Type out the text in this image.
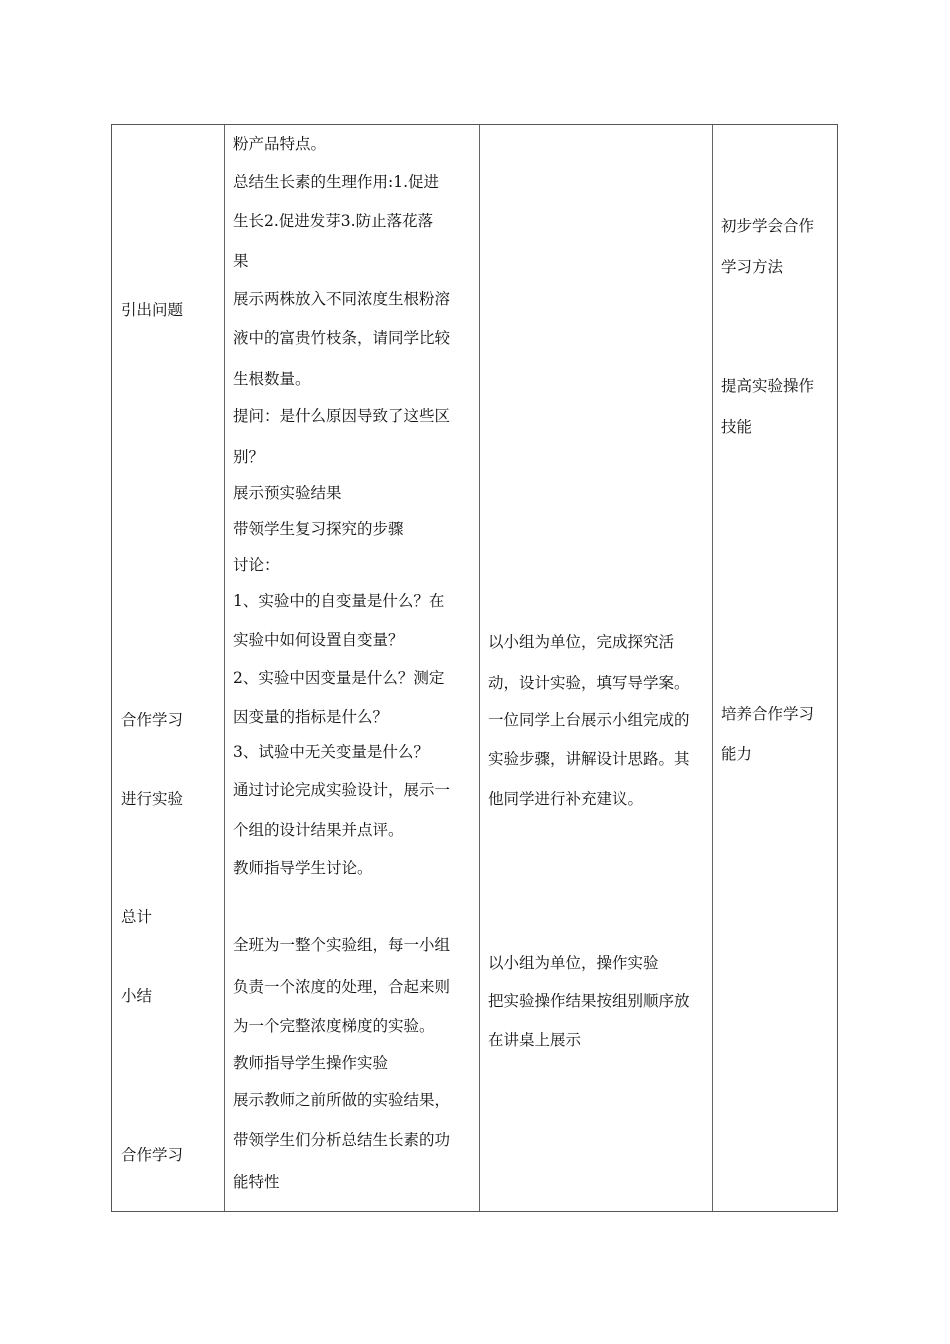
引出问题
合作学习
进行实验
总计
小结
合作学习
粉产品特点。
总结生长素的生理作用:1.促进
生长2.促进发芽3.防止落花落
果
展示两株放入不同浓度生根粉溶
液中的富贵竹枝条，请同学比较
生根数量。
提问：是什么原因导致了这些区
别？
展示预实验结果
带领学生复习探究的步骤
讨论：
1、实验中的自变量是什么？在
实验中如何设置自变量？
2、实验中因变量是什么？测定
因变量的指标是什么？
3、试验中无关变量是什么？
通过讨论完成实验设计，展示一
个组的设计结果并点评。
教师指导学生讨论。
全班为一整个实验组，每一小组
负责一个浓度的处理，合起来则
为一个完整浓度梯度的实验。
教师指导学生操作实验
展示教师之前所做的实验结果，
带领学生们分析总结生长素的功
能特性
以小组为单位，完成探究活
动，设计实验，填写导学案。
一位同学上台展示小组完成的
实验步骤，讲解设计思路。其
他同学进行补充建议。
以小组为单位，操作实验
把实验操作结果按组别顺序放
在讲桌上展示
初步学会合作
学习方法
提高实验操作
技能
培养合作学习
能力
